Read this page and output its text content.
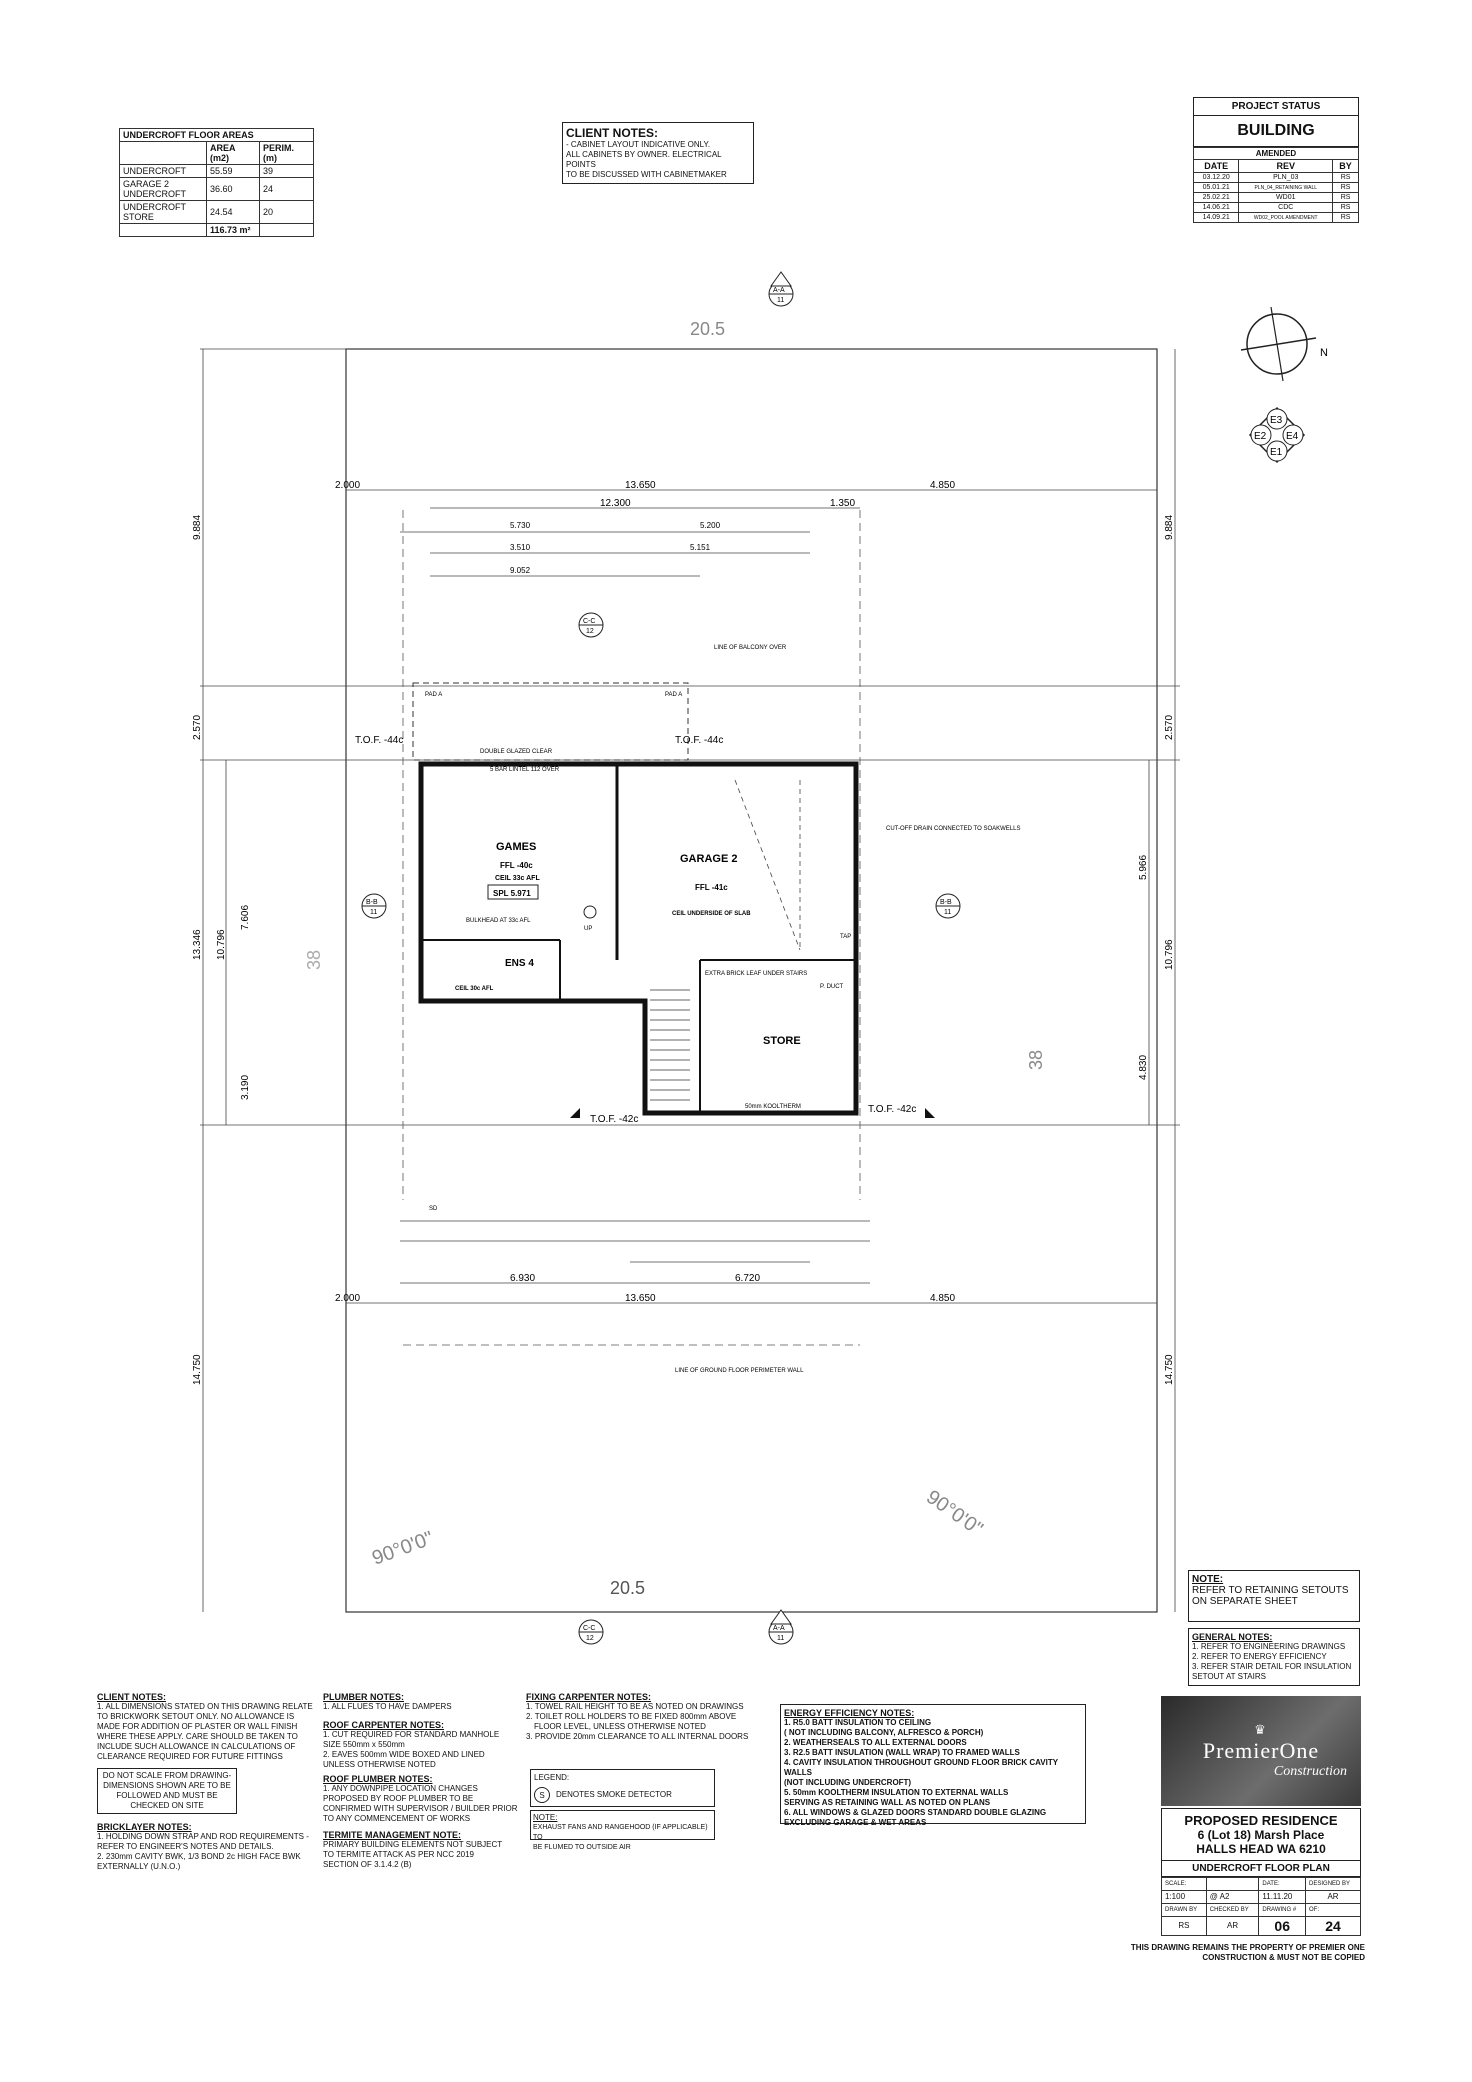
UNDERCROFT FLOOR AREAS		
	AREA (m2)	PERIM. (m)
UNDERCROFT	55.59	39
GARAGE 2 UNDERCROFT	36.60	24
UNDERCROFT STORE	24.54	20
	116.73 m²	
CLIENT NOTES:
- CABINET LAYOUT INDICATIVE ONLY.
ALL CABINETS BY OWNER. ELECTRICAL POINTS
TO BE DISCUSSED WITH CABINETMAKER
PROJECT STATUS
BUILDING
AMENDED		
DATE	REV	BY
03.12.20	PLN_03	RS
05.01.21	PLN_04_RETAINING WALL	RS
25.02.21	WD01	RS
14.06.21	CDC	RS
14.09.21	WD02_POOL AMENDMENT	RS
N
E3
E2 E4
E1
20.5
20.5
38
38
90°0'0"
90°0'0"
2.000	13.650	4.850
12.300	1.350
5.730	5.200
3.510	5.151
9.052
2.000	13.650	4.850
6.930	6.720
9.884
2.570
13.346 10.796
7.606
3.190
14.750
9.884
2.570
10.796
5.966
4.830
14.750
GAMES
FFL -40c
CEIL 33c AFL
SPL 5.971
GARAGE 2
FFL -41c
CEIL UNDERSIDE OF SLAB
ENS 4
CEIL 30c AFL
STORE
LINE OF BALCONY OVER
DOUBLE GLAZED CLEAR
5 BAR LINTEL 112 OVER
CUT-OFF DRAIN CONNECTED TO SOAKWELLS
BULKHEAD AT 33c AFL
EXTRA BRICK LEAF UNDER STAIRS
P. DUCT
TAP
UP
50mm KOOLTHERM
LINE OF GROUND FLOOR PERIMETER WALL
PAD A	PAD A
SD
T.O.F. -44c	T.O.F. -44c
T.O.F. -42c
T.O.F. -42c
A-A
11
A-A
11
C-C
12
C-C
12
B-B
11
B-B
11
NOTE:
REFER TO RETAINING SETOUTS
ON SEPARATE SHEET
GENERAL NOTES:
1. REFER TO ENGINEERING DRAWINGS
2. REFER TO ENERGY EFFICIENCY
3. REFER STAIR DETAIL FOR INSULATION
SETOUT AT STAIRS
CLIENT NOTES:
1. ALL DIMENSIONS STATED ON THIS DRAWING RELATE
TO BRICKWORK SETOUT ONLY. NO ALLOWANCE IS
MADE FOR ADDITION OF PLASTER OR WALL FINISH
WHERE THESE APPLY. CARE SHOULD BE TAKEN TO
INCLUDE SUCH ALLOWANCE IN CALCULATIONS OF
CLEARANCE REQUIRED FOR FUTURE FITTINGS
DO NOT SCALE FROM DRAWING-
DIMENSIONS SHOWN ARE TO BE
FOLLOWED AND MUST BE
CHECKED ON SITE
BRICKLAYER NOTES:
1. HOLDING DOWN STRAP AND ROD REQUIREMENTS -
REFER TO ENGINEER'S NOTES AND DETAILS.
2. 230mm CAVITY BWK, 1/3 BOND 2c HIGH FACE BWK
EXTERNALLY (U.N.O.)
PLUMBER NOTES:
1. ALL FLUES TO HAVE DAMPERS
ROOF CARPENTER NOTES:
1. CUT REQUIRED FOR STANDARD MANHOLE
SIZE 550mm x 550mm
2. EAVES 500mm WIDE BOXED AND LINED
UNLESS OTHERWISE NOTED
ROOF PLUMBER NOTES:
1. ANY DOWNPIPE LOCATION CHANGES
PROPOSED BY ROOF PLUMBER TO BE
CONFIRMED WITH SUPERVISOR / BUILDER PRIOR
TO ANY COMMENCEMENT OF WORKS
TERMITE MANAGEMENT NOTE:
PRIMARY BUILDING ELEMENTS NOT SUBJECT
TO TERMITE ATTACK AS PER NCC 2019
SECTION OF 3.1.4.2 (B)
FIXING CARPENTER NOTES:
1. TOWEL RAIL HEIGHT TO BE AS NOTED ON DRAWINGS
2. TOILET ROLL HOLDERS TO BE FIXED 800mm ABOVE
FLOOR LEVEL, UNLESS OTHERWISE NOTED
3. PROVIDE 20mm CLEARANCE TO ALL INTERNAL DOORS
LEGEND:
S	DENOTES SMOKE DETECTOR
NOTE:
EXHAUST FANS AND RANGEHOOD (IF APPLICABLE) TO
BE FLUMED TO OUTSIDE AIR
ENERGY EFFICIENCY NOTES:
1. R5.0 BATT INSULATION TO CEILING
( NOT INCLUDING BALCONY, ALFRESCO & PORCH)
2. WEATHERSEALS TO ALL EXTERNAL DOORS
3. R2.5 BATT INSULATION (WALL WRAP) TO FRAMED WALLS
4. CAVITY INSULATION THROUGHOUT GROUND FLOOR BRICK CAVITY WALLS
(NOT INCLUDING UNDERCROFT)
5. 50mm KOOLTHERM INSULATION TO EXTERNAL WALLS
SERVING AS RETAINING WALL AS NOTED ON PLANS
6. ALL WINDOWS & GLAZED DOORS STANDARD DOUBLE GLAZING
EXCLUDING GARAGE & WET AREAS
♛
PremierOne
Construction
PROPOSED RESIDENCE
6 (Lot 18) Marsh Place
HALLS HEAD WA 6210
UNDERCROFT FLOOR PLAN
SCALE:		DATE:	DESIGNED BY
1:100	@ A2	11.11.20	AR
DRAWN BY	CHECKED BY	DRAWING #	OF:
RS	AR	06	24
THIS DRAWING REMAINS THE PROPERTY OF PREMIER ONE
CONSTRUCTION & MUST NOT BE COPIED
